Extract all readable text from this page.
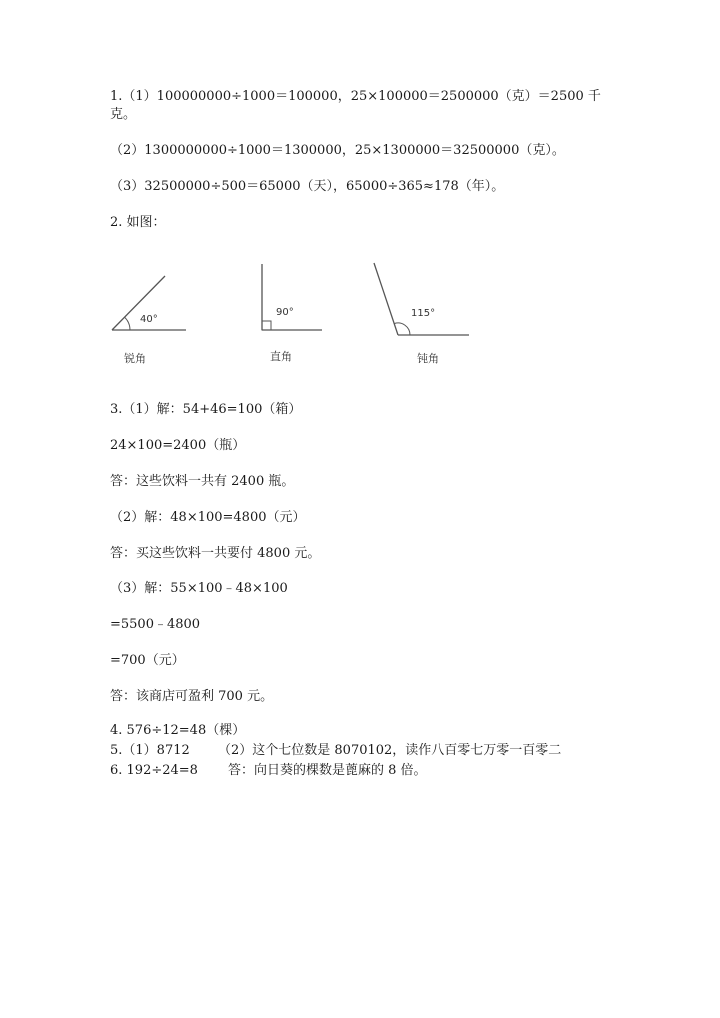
1.（1）100000000÷1000＝100000，25×100000＝2500000（克）＝2500 千
克。
（2）1300000000÷1000＝1300000，25×1300000＝32500000（克）。
（3）32500000÷500＝65000（天），65000÷365≈178（年）。
2. 如图：
40°
锐角
90°
直角
115°
钝角
3.（1）解：54+46=100（箱）
24×100=2400（瓶）
答：这些饮料一共有 2400 瓶。
（2）解：48×100=4800（元）
答：买这些饮料一共要付 4800 元。
（3）解：55×100﹣48×100
=5500﹣4800
=700（元）
答：该商店可盈利 700 元。
4. 576÷12=48（棵）
5.（1）8712 （2）这个七位数是 8070102，读作八百零七万零一百零二
6. 192÷24=8 答：向日葵的棵数是蓖麻的 8 倍。
